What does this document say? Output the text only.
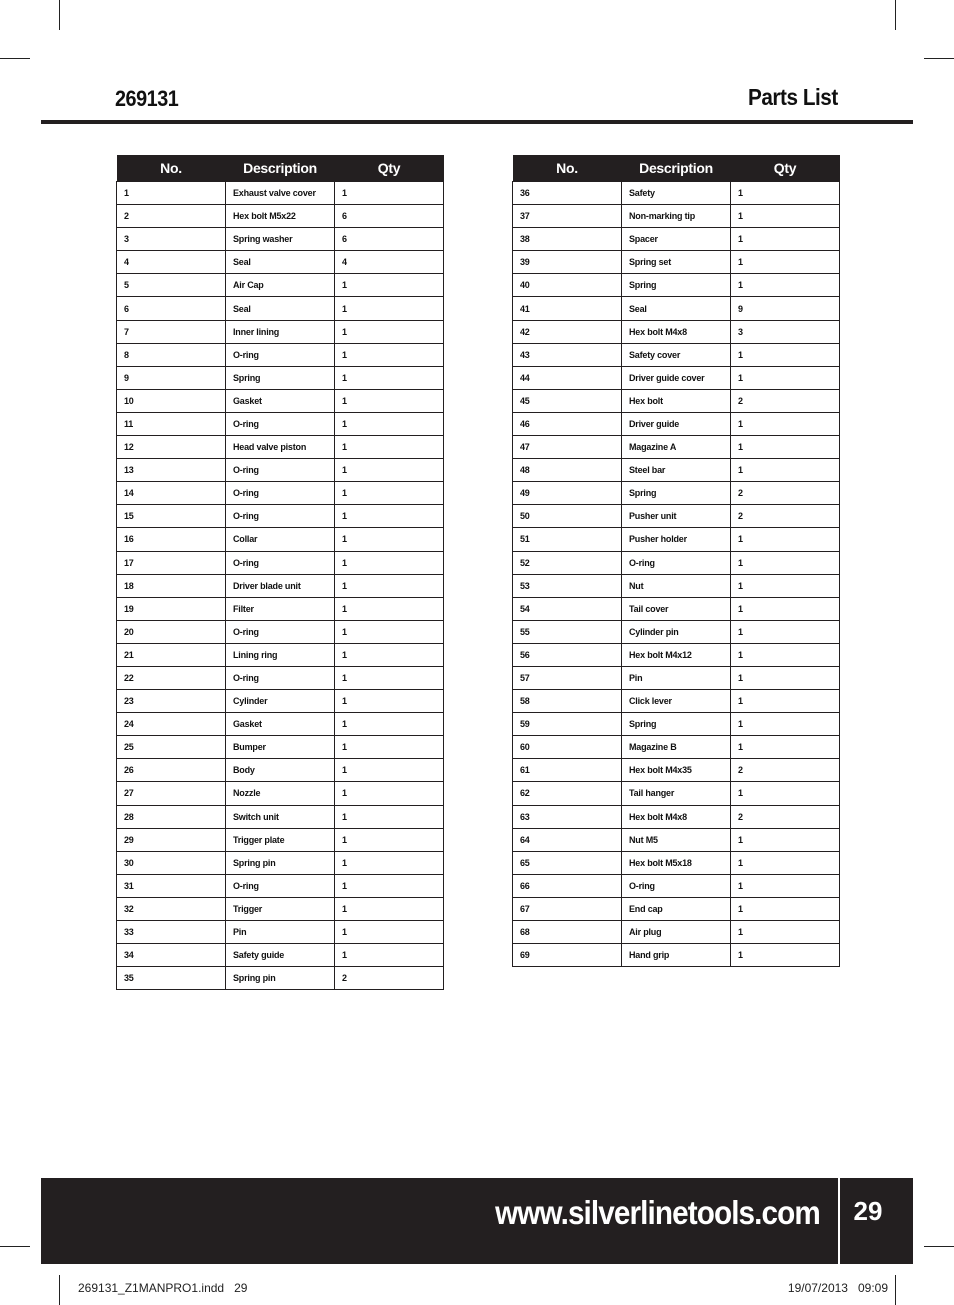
269131	Parts List
No.	Description	Qty
1	Exhaust valve cover	1
2	Hex bolt M5x22	6
3	Spring washer	6
4	Seal	4
5	Air Cap	1
6	Seal	1
7	Inner lining	1
8	O-ring	1
9	Spring	1
10	Gasket	1
11	O-ring	1
12	Head valve piston	1
13	O-ring	1
14	O-ring	1
15	O-ring	1
16	Collar	1
17	O-ring	1
18	Driver blade unit	1
19	Filter	1
20	O-ring	1
21	Lining ring	1
22	O-ring	1
23	Cylinder	1
24	Gasket	1
25	Bumper	1
26	Body	1
27	Nozzle	1
28	Switch unit	1
29	Trigger plate	1
30	Spring pin	1
31	O-ring	1
32	Trigger	1
33	Pin	1
34	Safety guide	1
35	Spring pin	2
No.	Description	Qty
36	Safety	1
37	Non-marking tip	1
38	Spacer	1
39	Spring set	1
40	Spring	1
41	Seal	9
42	Hex bolt M4x8	3
43	Safety cover	1
44	Driver guide cover	1
45	Hex bolt	2
46	Driver guide	1
47	Magazine A	1
48	Steel bar	1
49	Spring	2
50	Pusher unit	2
51	Pusher holder	1
52	O-ring	1
53	Nut	1
54	Tail cover	1
55	Cylinder pin	1
56	Hex bolt M4x12	1
57	Pin	1
58	Click lever	1
59	Spring	1
60	Magazine B	1
61	Hex bolt M4x35	2
62	Tail hanger	1
63	Hex bolt M4x8	2
64	Nut M5	1
65	Hex bolt M5x18	1
66	O-ring	1
67	End cap	1
68	Air plug	1
69	Hand grip	1
www.silverlinetools.com	29
269131_Z1MANPRO1.indd   29	19/07/2013   09:09
